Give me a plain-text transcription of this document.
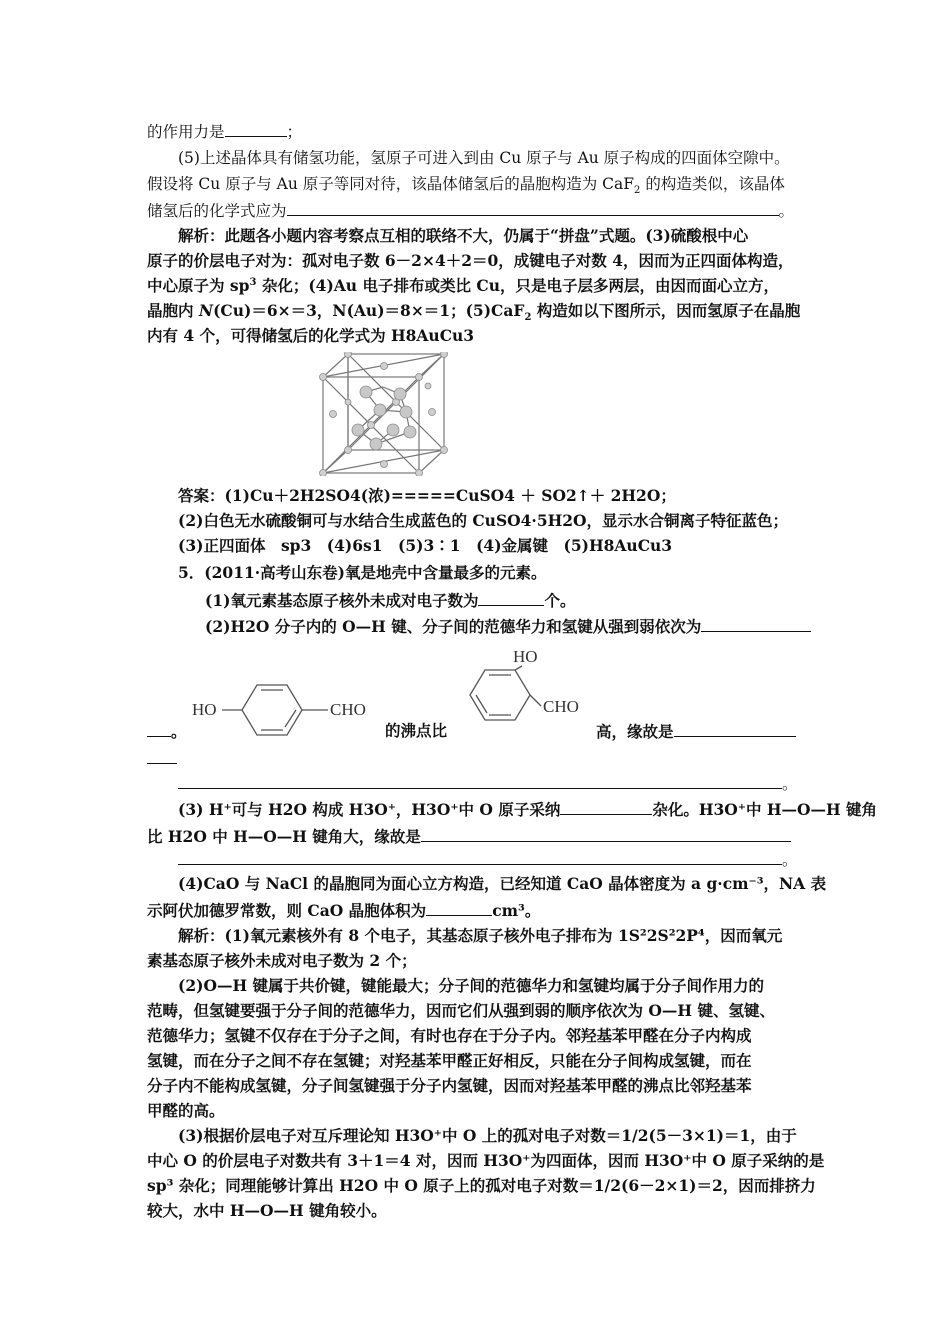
的作用力是	；
(5)上述晶体具有储氢功能，氢原子可进入到由 Cu 原子与 Au 原子构成的四面体空隙中。
假设将 Cu 原子与 Au 原子等同对待，该晶体储氢后的晶胞构造为 CaF$_2$ 的构造类似，该晶体
储氢后的化学式应为	。
解析：此题各小题内容考察点互相的联络不大，仍属于“拼盘”式题。(3)硫酸根中心
原子的价层电子对为：孤对电子数 6－2×4＋2＝0，成键电子对数 4，因而为正四面体构造，
中心原子为 $sp^3$ 杂化；(4)Au 电子排布或类比 Cu，只是电子层多两层，由因而面心立方，
晶胞内 N(Cu)＝6×＝3，N(Au)＝8×＝1；(5)CaF$_2$ 构造如以下图所示，因而氢原子在晶胞
内有 4 个，可得储氢后的化学式为 H8AuCu3
答案：(1)Cu＋2H2SO4(浓)=====CuSO4 ＋ SO2↑＋ 2H2O；
(2)白色无水硫酸铜可与水结合生成蓝色的 CuSO4·5H2O，显示水合铜离子特征蓝色；
(3)正四面体　sp3　(4)6s1　(5)3∶1　(4)金属键　(5)H8AuCu3
5．(2011·高考山东卷)氧是地壳中含量最多的元素。
(1)氧元素基态原子核外未成对电子数为	个。
(2)H2O 分子内的 O—H 键、分子间的范德华力和氢键从强到弱依次为
HO	CHO
HO
CHO
。	的沸点比	高，缘故是
。
(3) H⁺可与 H2O 构成 H3O⁺，H3O⁺中 O 原子采纳	杂化。H3O⁺中 H—O—H 键角
比 H2O 中 H—O—H 键角大，缘故是
。
(4)CaO 与 NaCl 的晶胞同为面心立方构造，已经知道 CaO 晶体密度为 a g·cm⁻³，NA 表
示阿伏加德罗常数，则 CaO 晶胞体积为	cm³。
解析：(1)氧元素核外有 8 个电子，其基态原子核外电子排布为 1S²2S²2P⁴，因而氧元
素基态原子核外未成对电子数为 2 个；
(2)O—H 键属于共价键，键能最大；分子间的范德华力和氢键均属于分子间作用力的
范畴，但氢键要强于分子间的范德华力，因而它们从强到弱的顺序依次为 O—H 键、氢键、
范德华力；氢键不仅存在于分子之间，有时也存在于分子内。邻羟基苯甲醛在分子内构成
氢键，而在分子之间不存在氢键；对羟基苯甲醛正好相反，只能在分子间构成氢键，而在
分子内不能构成氢键，分子间氢键强于分子内氢键，因而对羟基苯甲醛的沸点比邻羟基苯
甲醛的高。
(3)根据价层电子对互斥理论知 H3O⁺中 O 上的孤对电子对数＝1/2(5－3×1)＝1，由于
中心 O 的价层电子对数共有 3＋1＝4 对，因而 H3O⁺为四面体，因而 H3O⁺中 O 原子采纳的是
sp³ 杂化；同理能够计算出 H2O 中 O 原子上的孤对电子对数＝1/2(6－2×1)＝2，因而排挤力
较大，水中 H—O—H 键角较小。
